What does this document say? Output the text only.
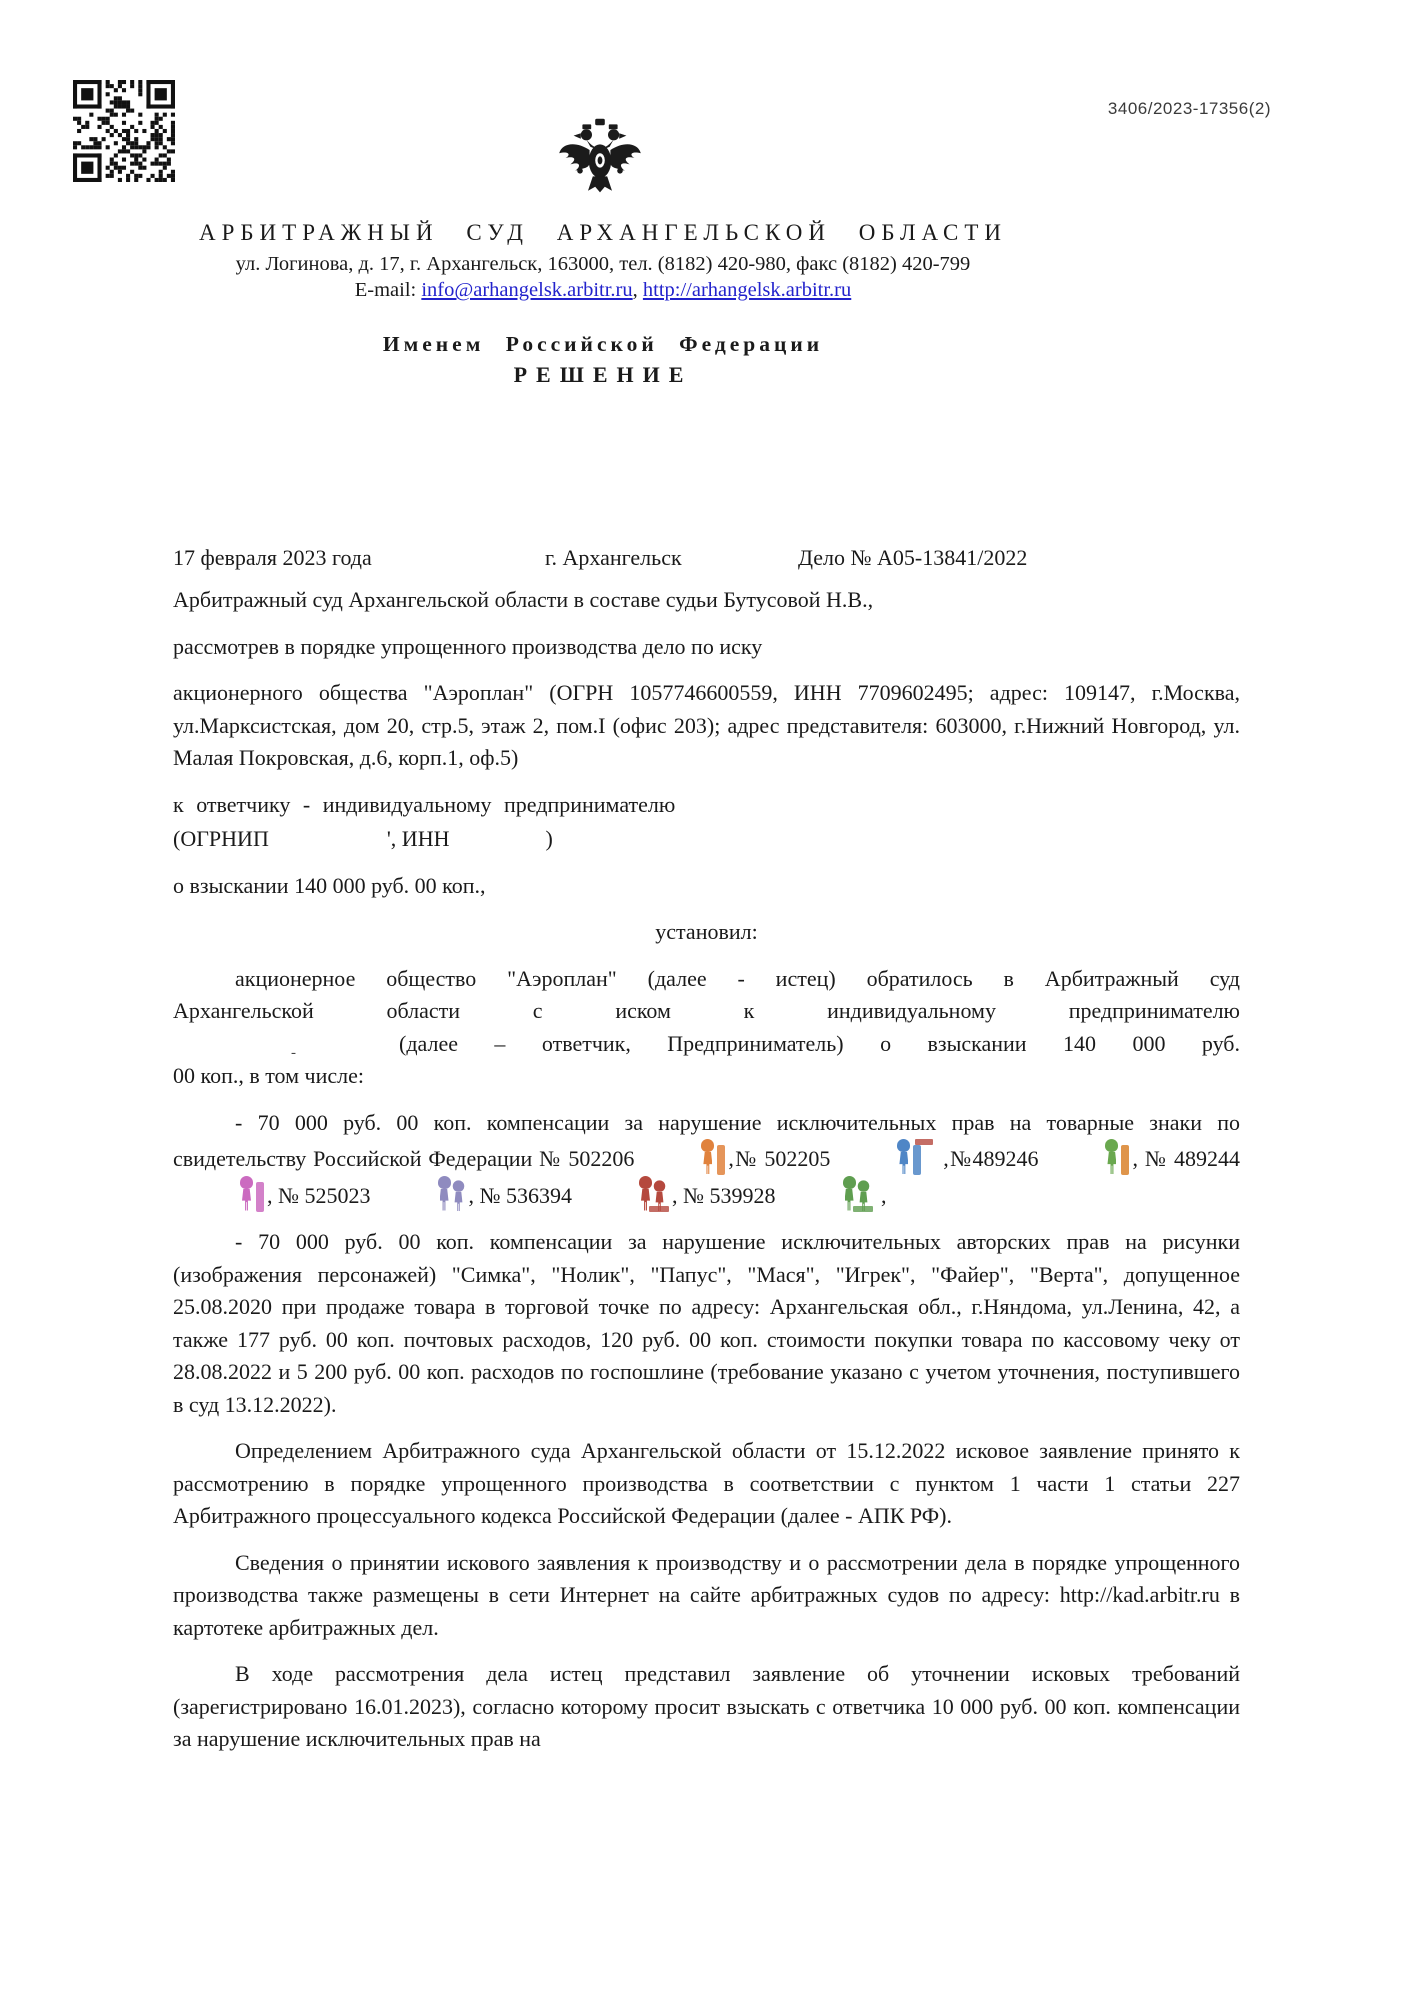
3406/2023-17356(2)
АРБИТРАЖНЫЙ СУД АРХАНГЕЛЬСКОЙ ОБЛАСТИ
ул. Логинова, д. 17, г. Архангельск, 163000, тел. (8182) 420-980, факс (8182) 420-799
E-mail: info@arhangelsk.arbitr.ru, http://arhangelsk.arbitr.ru
Именем Российской Федерации
РЕШЕНИЕ
17 февраля 2023 года	г. Архангельск	Дело № А05-13841/2022

Арбитражный суд Архангельской области в составе судьи Бутусовой Н.В.,

рассмотрев в порядке упрощенного производства дело по иску

акционерного общества "Аэроплан" (ОГРН 1057746600559, ИНН 7709602495; адрес: 109147, г.Москва, ул.Марксистская, дом 20, стр.5, этаж 2, пом.I (офис 203); адрес представителя: 603000, г.Нижний Новгород, ул. Малая Покровская, д.6, корп.1, оф.5)

к ответчику - индивидуальному предпринимателю

(ОГРНИП	', ИНН	)

о взыскании 140 000 руб. 00 коп.,

установил:

акционерное общество "Аэроплан" (далее - истец) обратилось в Арбитражный суд
Архангельской области с иском к индивидуальному предпринимателю
-	(далее – ответчик, Предприниматель) о взыскании 140 000 руб.
00 коп., в том числе:

- 70 000 руб. 00 коп. компенсации за нарушение исключительных прав на товарные знаки по свидетельству Российской Федерации № 502206	,№ 502205	,№489246	, № 489244, № 525023	, № 536394	, № 539928	,

- 70 000 руб. 00 коп. компенсации за нарушение исключительных авторских прав на рисунки (изображения персонажей) "Симка", "Нолик", "Папус", "Мася", "Игрек", "Файер", "Верта", допущенное 25.08.2020 при продаже товара в торговой точке по адресу: Архангельская обл., г.Няндома, ул.Ленина, 42, а также 177 руб. 00 коп. почтовых расходов, 120 руб. 00 коп. стоимости покупки товара по кассовому чеку от 28.08.2022 и 5 200 руб. 00 коп. расходов по госпошлине (требование указано с учетом уточнения, поступившего в суд 13.12.2022).

Определением Арбитражного суда Архангельской области от 15.12.2022 исковое заявление принято к рассмотрению в порядке упрощенного производства в соответствии с пунктом 1 части 1 статьи 227 Арбитражного процессуального кодекса Российской Федерации (далее - АПК РФ).

Сведения о принятии искового заявления к производству и о рассмотрении дела в порядке упрощенного производства также размещены в сети Интернет на сайте арбитражных судов по адресу: http://kad.arbitr.ru в картотеке арбитражных дел.

В ходе рассмотрения дела истец представил заявление об уточнении исковых требований (зарегистрировано 16.01.2023), согласно которому просит взыскать с ответчика 10 000 руб. 00 коп. компенсации за нарушение исключительных прав на
